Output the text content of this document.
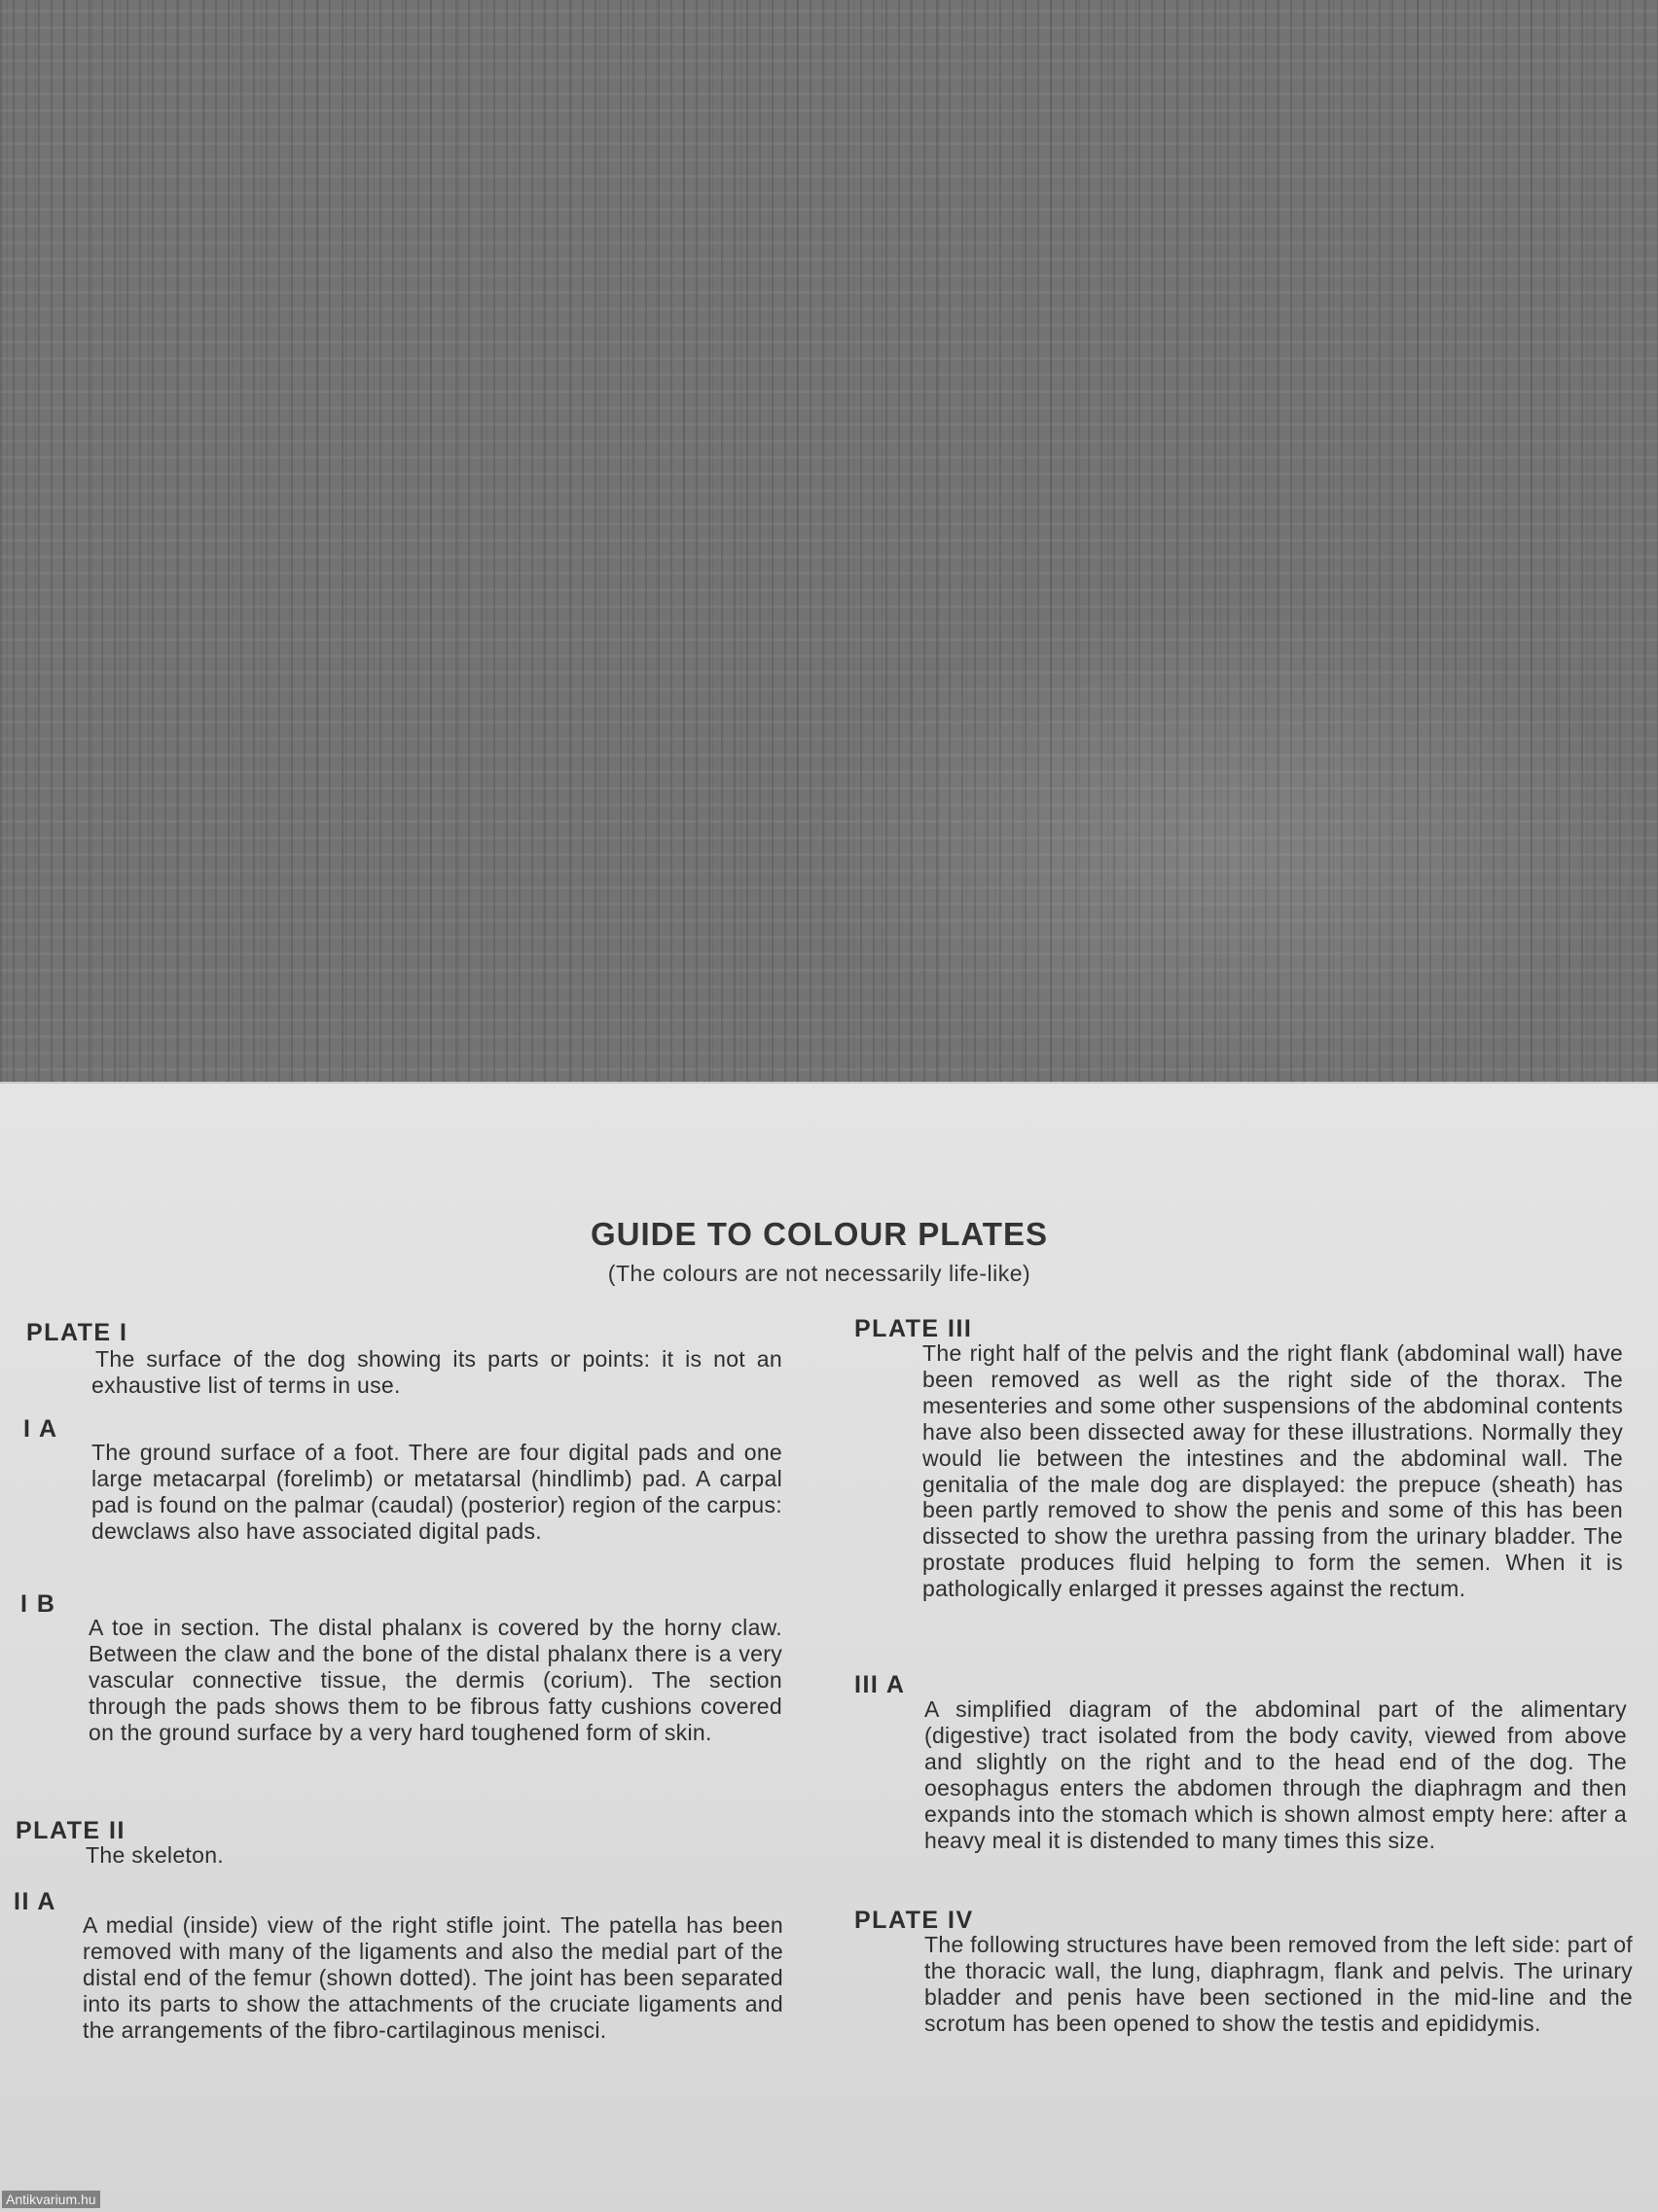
GUIDE TO COLOUR PLATES
(The colours are not necessarily life-like)
PLATE I
The surface of the dog showing its parts or points: it is not an exhaustive list of terms in use.
I A
The ground surface of a foot. There are four digital pads and one large metacarpal (forelimb) or metatarsal (hindlimb) pad. A carpal pad is found on the palmar (caudal) (posterior) region of the carpus: dewclaws also have associated digital pads.
I B
A toe in section. The distal phalanx is covered by the horny claw. Between the claw and the bone of the distal phalanx there is a very vascular connective tissue, the dermis (corium). The section through the pads shows them to be fibrous fatty cushions covered on the ground surface by a very hard toughened form of skin.
PLATE II
The skeleton.
II A
A medial (inside) view of the right stifle joint. The patella has been removed with many of the ligaments and also the medial part of the distal end of the femur (shown dotted). The joint has been separated into its parts to show the attachments of the cruciate ligaments and the arrangements of the fibro-cartilaginous menisci.
PLATE III
The right half of the pelvis and the right flank (abdominal wall) have been removed as well as the right side of the thorax. The mesenteries and some other suspensions of the abdominal contents have also been dissected away for these illustrations. Normally they would lie between the intestines and the abdominal wall. The genitalia of the male dog are displayed: the prepuce (sheath) has been partly removed to show the penis and some of this has been dissected to show the urethra passing from the urinary bladder. The prostate produces fluid helping to form the semen. When it is pathologically enlarged it presses against the rectum.
III A
A simplified diagram of the abdominal part of the alimentary (digestive) tract isolated from the body cavity, viewed from above and slightly on the right and to the head end of the dog. The oesophagus enters the abdomen through the diaphragm and then expands into the stomach which is shown almost empty here: after a heavy meal it is distended to many times this size.
PLATE IV
The following structures have been removed from the left side: part of the thoracic wall, the lung, diaphragm, flank and pelvis. The urinary bladder and penis have been sectioned in the mid-line and the scrotum has been opened to show the testis and epididymis.
Antikvarium.hu
